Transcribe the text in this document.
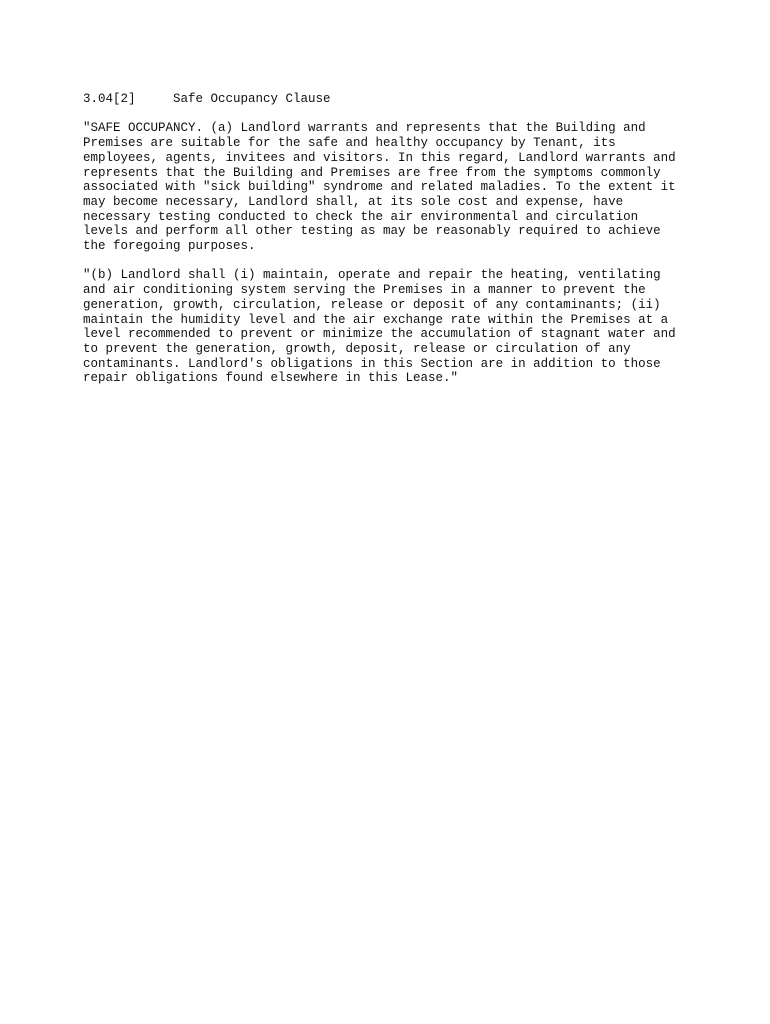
3.04[2]	Safe Occupancy Clause
"SAFE OCCUPANCY. (a) Landlord warrants and represents that the Building and
Premises are suitable for the safe and healthy occupancy by Tenant, its
employees, agents, invitees and visitors. In this regard, Landlord warrants and
represents that the Building and Premises are free from the symptoms commonly
associated with "sick building" syndrome and related maladies. To the extent it
may become necessary, Landlord shall, at its sole cost and expense, have
necessary testing conducted to check the air environmental and circulation
levels and perform all other testing as may be reasonably required to achieve
the foregoing purposes.
"(b) Landlord shall (i) maintain, operate and repair the heating, ventilating
and air conditioning system serving the Premises in a manner to prevent the
generation, growth, circulation, release or deposit of any contaminants; (ii)
maintain the humidity level and the air exchange rate within the Premises at a
level recommended to prevent or minimize the accumulation of stagnant water and
to prevent the generation, growth, deposit, release or circulation of any
contaminants. Landlord's obligations in this Section are in addition to those
repair obligations found elsewhere in this Lease."
